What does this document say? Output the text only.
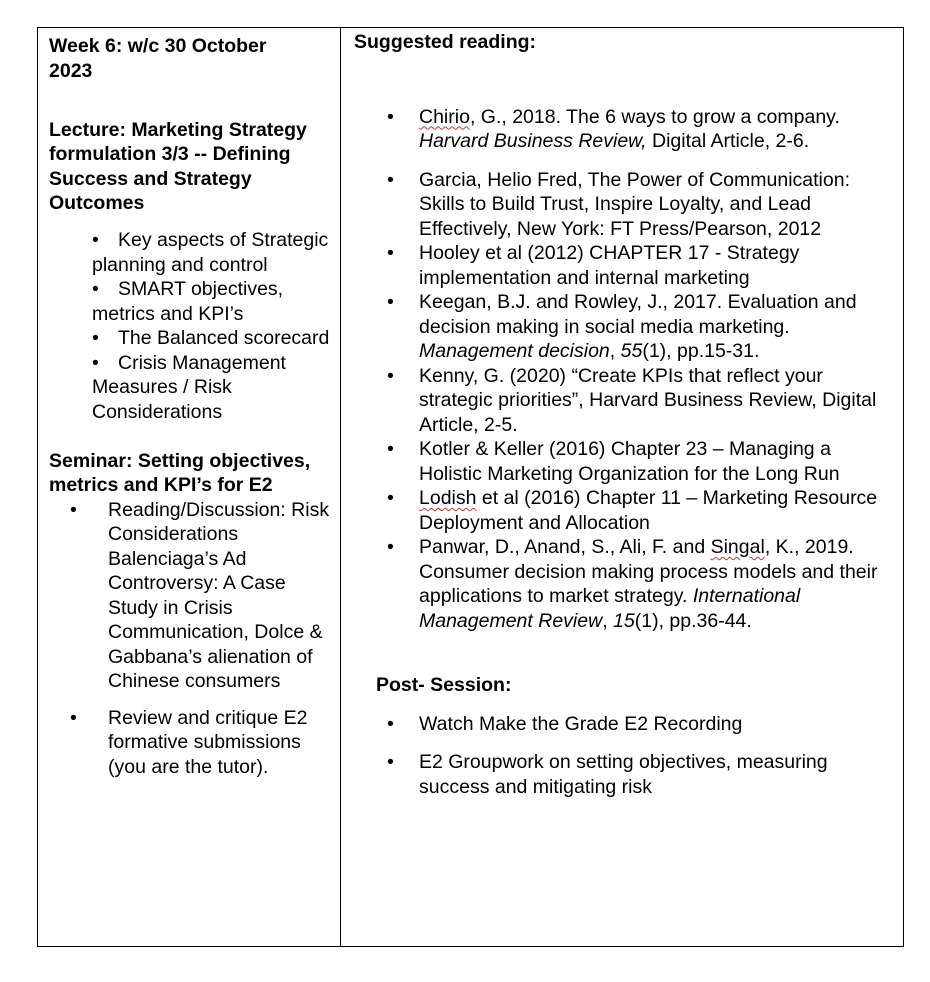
Week 6: w/c 30 October
2023

Lecture: Marketing Strategy formulation 3/3 -- Defining Success and Strategy Outcomes

• Key aspects of Strategic planning and control
• SMART objectives, metrics and KPI’s
• The Balanced scorecard
• Crisis Management Measures / Risk Considerations

Seminar: Setting objectives, metrics and KPI’s for E2

• Reading/Discussion: Risk Considerations Balenciaga’s Ad Controversy: A Case Study in Crisis Communication, Dolce & Gabbana’s alienation of Chinese consumers
• Review and critique E2 formative submissions (you are the tutor).

Suggested reading:

• Chirio, G., 2018. The 6 ways to grow a company.
Harvard Business Review, Digital Article, 2-6.
• Garcia, Helio Fred, The Power of Communication: Skills to Build Trust, Inspire Loyalty, and Lead Effectively, New York: FT Press/Pearson, 2012
• Hooley et al (2012) CHAPTER 17 - Strategy implementation and internal marketing
• Keegan, B.J. and Rowley, J., 2017. Evaluation and decision making in social media marketing. Management decision, 55(1), pp.15-31.
• Kenny, G. (2020) “Create KPIs that reflect your strategic priorities”, Harvard Business Review, Digital Article, 2-5.
• Kotler & Keller (2016) Chapter 23 – Managing a Holistic Marketing Organization for the Long Run
• Lodish et al (2016) Chapter 11 – Marketing Resource Deployment and Allocation
• Panwar, D., Anand, S., Ali, F. and Singal, K., 2019. Consumer decision making process models and their applications to market strategy. International Management Review, 15(1), pp.36-44.

Post- Session:

• Watch Make the Grade E2 Recording
• E2 Groupwork on setting objectives, measuring success and mitigating risk
